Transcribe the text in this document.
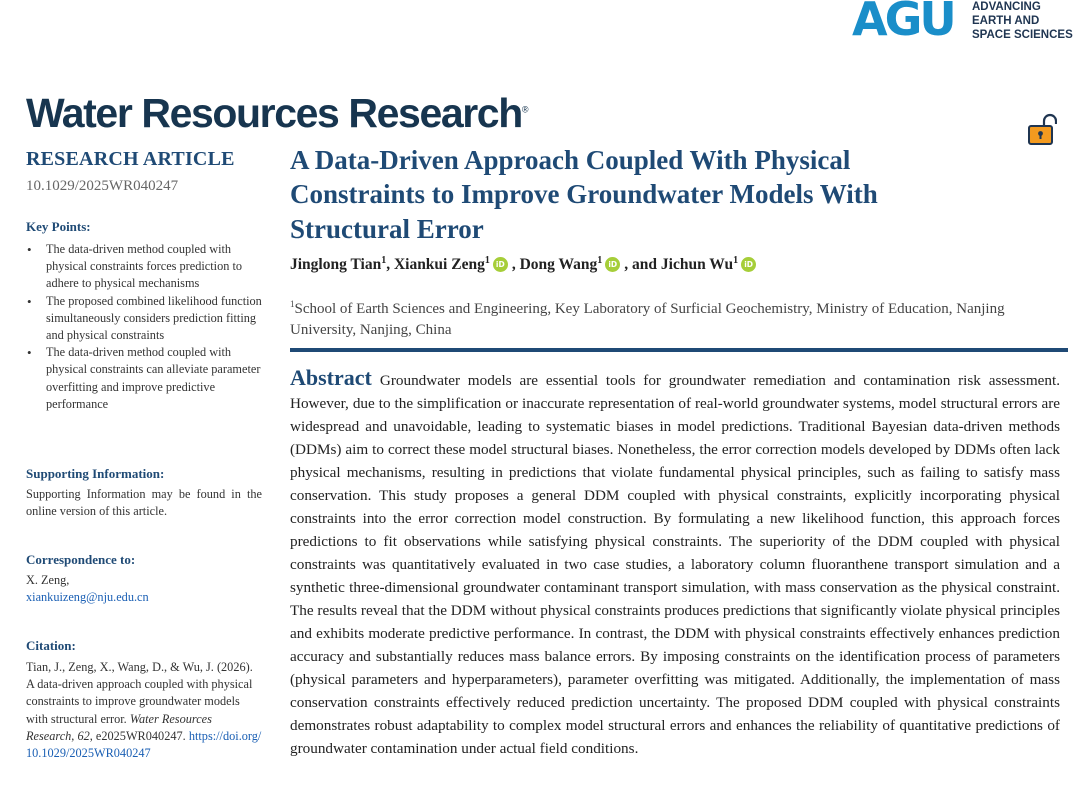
AGU ADVANCING
EARTH AND
SPACE SCIENCES
Water Resources Research®
RESEARCH ARTICLE
10.1029/2025WR040247
Key Points:
• The data-driven method coupled with physical constraints forces prediction to adhere to physical mechanisms
• The proposed combined likelihood function simultaneously considers prediction fitting and physical constraints
• The data-driven method coupled with physical constraints can alleviate parameter overfitting and improve predictive performance
Supporting Information:
Supporting Information may be found in the online version of this article.
Correspondence to:
X. Zeng,
xiankuizeng@nju.edu.cn
Citation:
Tian, J., Zeng, X., Wang, D., & Wu, J. (2026). A data-driven approach coupled with physical constraints to improve groundwater models with structural error. Water Resources Research, 62, e2025WR040247. https://doi.org/10.1029/2025WR040247
A Data-Driven Approach Coupled With Physical Constraints to Improve Groundwater Models With Structural Error
Jinglong Tian$^1$, Xiankui Zeng$^1$ iD , Dong Wang$^1$ iD , and Jichun Wu$^1$ iD
$^1$School of Earth Sciences and Engineering, Key Laboratory of Surficial Geochemistry, Ministry of Education, Nanjing University, Nanjing, China
Abstract Groundwater models are essential tools for groundwater remediation and contamination risk assessment. However, due to the simplification or inaccurate representation of real-world groundwater systems, model structural errors are widespread and unavoidable, leading to systematic biases in model predictions. Traditional Bayesian data-driven methods (DDMs) aim to correct these model structural biases. Nonetheless, the error correction models developed by DDMs often lack physical mechanisms, resulting in predictions that violate fundamental physical principles, such as failing to satisfy mass conservation. This study proposes a general DDM coupled with physical constraints, explicitly incorporating physical constraints into the error correction model construction. By formulating a new likelihood function, this approach forces predictions to fit observations while satisfying physical constraints. The superiority of the DDM coupled with physical constraints was quantitatively evaluated in two case studies, a laboratory column fluoranthene transport simulation and a synthetic three-dimensional groundwater contaminant transport simulation, with mass conservation as the physical constraint. The results reveal that the DDM without physical constraints produces predictions that significantly violate physical principles and exhibits moderate predictive performance. In contrast, the DDM with physical constraints effectively enhances prediction accuracy and substantially reduces mass balance errors. By imposing constraints on the identification process of parameters (physical parameters and hyperparameters), parameter overfitting was mitigated. Additionally, the implementation of mass conservation constraints effectively reduced prediction uncertainty. The proposed DDM coupled with physical constraints demonstrates robust adaptability to complex model structural errors and enhances the reliability of quantitative predictions of groundwater contamination under actual field conditions.
